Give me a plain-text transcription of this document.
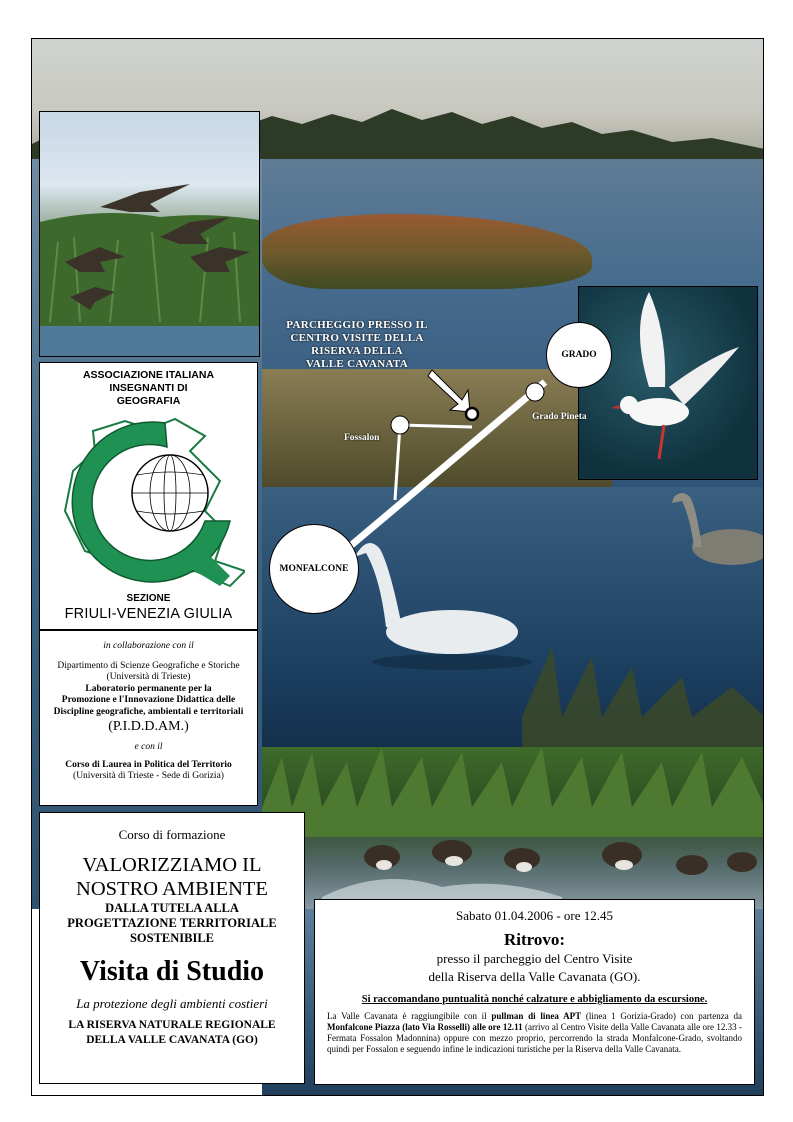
PARCHEGGIO PRESSO IL
CENTRO VISITE DELLA
RISERVA DELLA
VALLE CAVANATA
GRADO
Grado Pineta
Fossalon
MONFALCONE
ASSOCIAZIONE ITALIANA
INSEGNANTI DI
GEOGRAFIA
SEZIONE
FRIULI-VENEZIA GIULIA
in collaborazione con il
Dipartimento di Scienze Geografiche e Storiche
(Università di Trieste)
Laboratorio permanente per la
Promozione e l'Innovazione Didattica delle
Discipline geografiche, ambientali e territoriali
(P.I.D.D.AM.)
e con il
Corso di Laurea in Politica del Territorio
(Università di Trieste - Sede di Gorizia)
Corso di formazione
VALORIZZIAMO IL
NOSTRO AMBIENTE
DALLA TUTELA ALLA
PROGETTAZIONE TERRITORIALE
SOSTENIBILE
Visita di Studio
La protezione degli ambienti costieri
LA RISERVA NATURALE REGIONALE
DELLA VALLE CAVANATA (GO)
Sabato 01.04.2006 - ore 12.45
Ritrovo:
presso il parcheggio del Centro Visite
della Riserva della Valle Cavanata (GO).
Si raccomandano puntualità nonché calzature e abbigliamento da escursione.
La Valle Cavanata è raggiungibile con il pullman di linea APT (linea 1 Gorizia-Grado) con partenza da Monfalcone Piazza (lato Via Rosselli) alle ore 12.11 (arrivo al Centro Visite della Valle Cavanata alle ore 12.33 - Fermata Fossalon Madonnina) oppure con mezzo proprio, percorrendo la strada Monfalcone-Grado, svoltando quindi per Fossalon e seguendo infine le indicazioni turistiche per la Riserva della Valle Cavanata.
